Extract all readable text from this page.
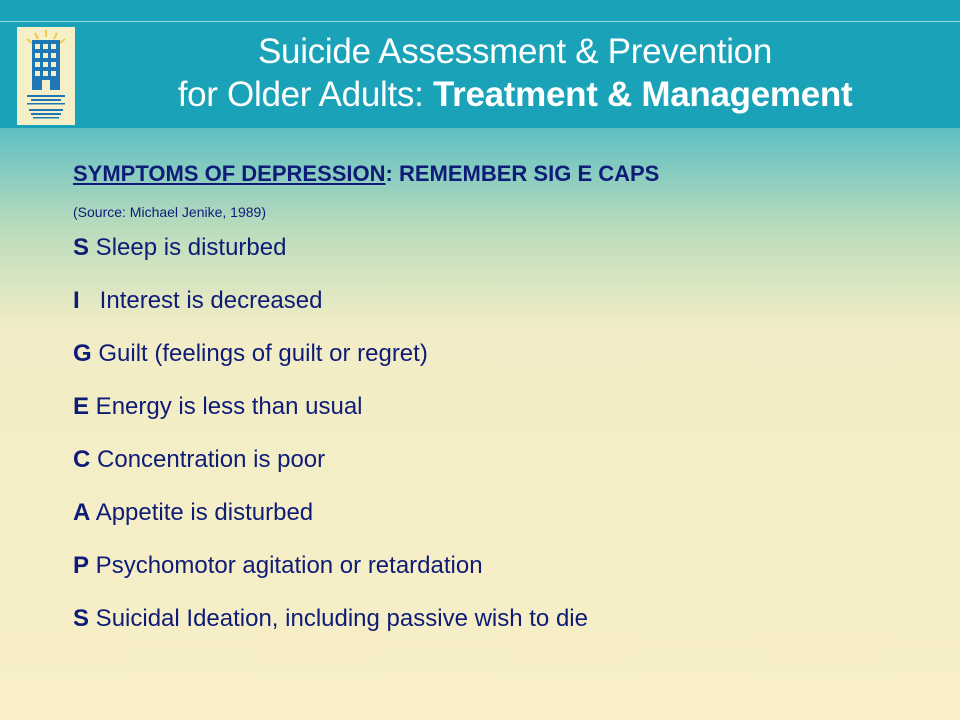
Suicide Assessment & Prevention
for Older Adults: Treatment & Management
SYMPTOMS OF DEPRESSION: REMEMBER SIG E CAPS
(Source: Michael Jenike, 1989)
S Sleep is disturbed
I   Interest is decreased
G Guilt (feelings of guilt or regret)
E Energy is less than usual
C Concentration is poor
A Appetite is disturbed
P Psychomotor agitation or retardation
S Suicidal Ideation, including passive wish to die
